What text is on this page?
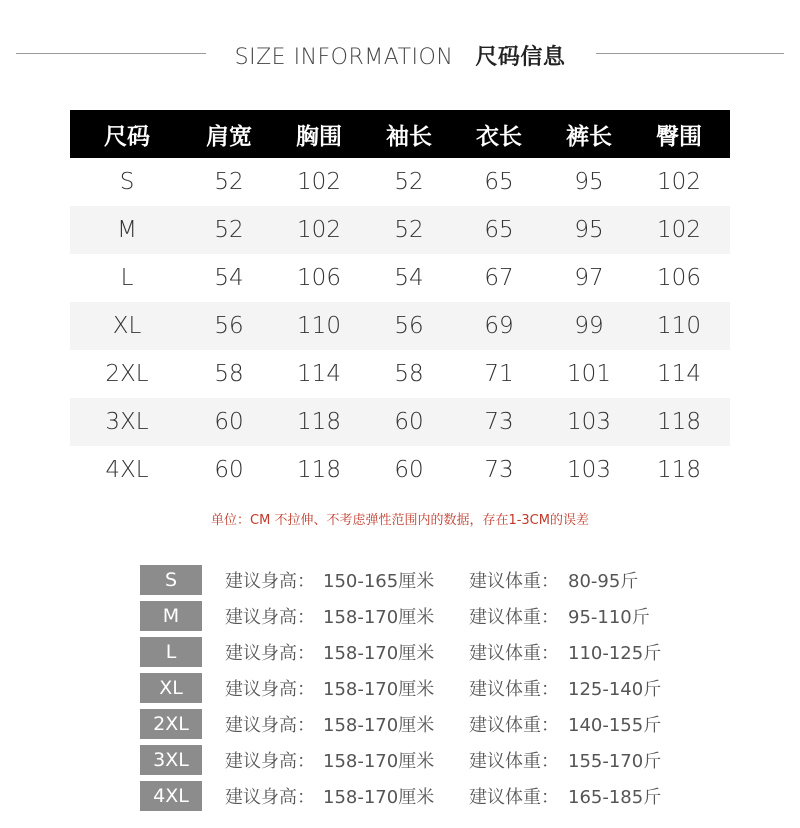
SIZE INFORMATION 尺码信息
尺码	肩宽	胸围	袖长	衣长	裤长	臀围
S	52	102	52	65	95	102
M	52	102	52	65	95	102
L	54	106	54	67	97	106
XL	56	110	56	69	99	110
2XL	58	114	58	71	101	114
3XL	60	118	60	73	103	118
4XL	60	118	60	73	103	118
单位：CM 不拉伸、不考虑弹性范围内的数据，存在1-3CM的误差
S	建议身高： 150-165厘米 建议体重： 80-95斤
M	建议身高： 158-170厘米 建议体重： 95-110斤
L	建议身高： 158-170厘米 建议体重： 110-125斤
XL	建议身高： 158-170厘米 建议体重： 125-140斤
2XL	建议身高： 158-170厘米 建议体重： 140-155斤
3XL	建议身高： 158-170厘米 建议体重： 155-170斤
4XL	建议身高： 158-170厘米 建议体重： 165-185斤
